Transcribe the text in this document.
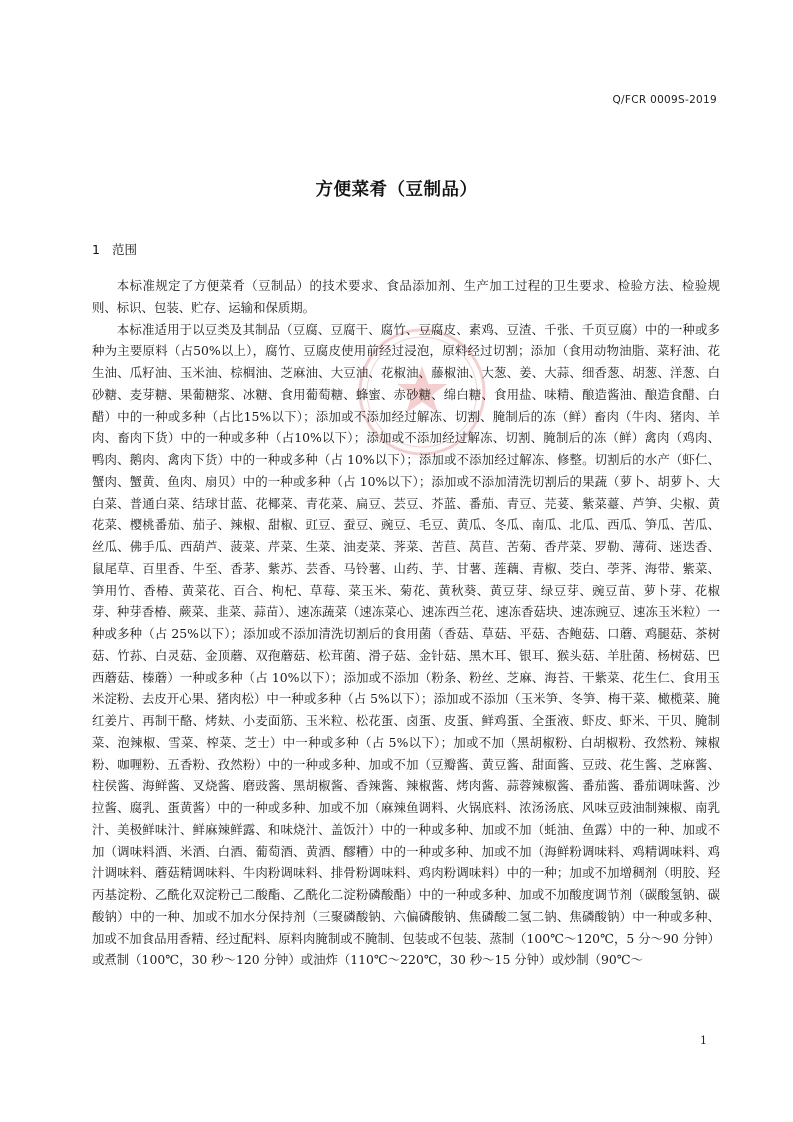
Q/FCR 0009S-2019
方便菜肴（豆制品）
1 范围

本标准规定了方便菜肴（豆制品）的技术要求、食品添加剂、生产加工过程的卫生要求、检验方法、检验规则、标识、包装、贮存、运输和保质期。

本标准适用于以豆类及其制品（豆腐、豆腐干、腐竹、豆腐皮、素鸡、豆渣、千张、千页豆腐）中的一种或多种为主要原料（占50%以上），腐竹、豆腐皮使用前经过浸泡，原料经过切割；添加（食用动物油脂、菜籽油、花生油、瓜籽油、玉米油、棕榈油、芝麻油、大豆油、花椒油、藤椒油、大葱、姜、大蒜、细香葱、胡葱、洋葱、白砂糖、麦芽糖、果葡糖浆、冰糖、食用葡萄糖、蜂蜜、赤砂糖、绵白糖、食用盐、味精、酿造酱油、酿造食醋、白醋）中的一种或多种（占比15%以下）；添加或不添加经过解冻、切割、腌制后的冻（鲜）畜肉（牛肉、猪肉、羊肉、畜肉下货）中的一种或多种（占10%以下）；添加或不添加经过解冻、切割、腌制后的冻（鲜）禽肉（鸡肉、鸭肉、鹅肉、禽肉下货）中的一种或多种（占 10%以下）；添加或不添加经过解冻、修整。切割后的水产（虾仁、蟹肉、蟹黄、鱼肉、扇贝）中的一种或多种（占 10%以下）；添加或不添加清洗切割后的果蔬（萝卜、胡萝卜、大白菜、普通白菜、结球甘蓝、花椰菜、青花菜、扁豆、芸豆、芥蓝、番茄、青豆、芫荽、紫菜薹、芦笋、尖椒、黄花菜、樱桃番茄、茄子、辣椒、甜椒、豇豆、蚕豆、豌豆、毛豆、黄瓜、冬瓜、南瓜、北瓜、西瓜、笋瓜、苦瓜、丝瓜、佛手瓜、西葫芦、菠菜、芹菜、生菜、油麦菜、荠菜、苦苣、莴苣、苦菊、香芹菜、罗勒、薄荷、迷迭香、鼠尾草、百里香、牛至、香茅、紫苏、芸香、马铃薯、山药、芋、甘薯、莲藕、青椒、茭白、荸荠、海带、紫菜、笋用竹、香椿、黄菜花、百合、枸杞、草莓、菜玉米、菊花、黄秋葵、黄豆芽、绿豆芽、豌豆苗、萝卜芽、花椒芽、种芽香椿、蕨菜、韭菜、蒜苗）、速冻蔬菜（速冻菜心、速冻西兰花、速冻香菇块、速冻豌豆、速冻玉米粒）一种或多种（占 25%以下）；添加或不添加清洗切割后的食用菌（香菇、草菇、平菇、杏鲍菇、口蘑、鸡腿菇、茶树菇、竹荪、白灵菇、金顶蘑、双孢蘑菇、松茸菌、滑子菇、金针菇、黑木耳、银耳、猴头菇、羊肚菌、杨树菇、巴西蘑菇、榛蘑）一种或多种（占 10%以下）；添加或不添加（粉条、粉丝、芝麻、海苔、干紫菜、花生仁、食用玉米淀粉、去皮开心果、猪肉松）中一种或多种（占 5%以下）；添加或不添加（玉米笋、冬笋、梅干菜、橄榄菜、腌红姜片、再制干酪、烤麸、小麦面筋、玉米粒、松花蛋、卤蛋、皮蛋、鲜鸡蛋、全蛋液、虾皮、虾米、干贝、腌制菜、泡辣椒、雪菜、榨菜、芝士）中一种或多种（占 5%以下）；加或不加（黑胡椒粉、白胡椒粉、孜然粉、辣椒粉、咖喱粉、五香粉、孜然粉）中的一种或多种、加或不加（豆瓣酱、黄豆酱、甜面酱、豆豉、花生酱、芝麻酱、柱侯酱、海鲜酱、叉烧酱、磨豉酱、黑胡椒酱、香辣酱、辣椒酱、烤肉酱、蒜蓉辣椒酱、番茄酱、番茄调味酱、沙拉酱、腐乳、蛋黄酱）中的一种或多种、加或不加（麻辣鱼调料、火锅底料、浓汤汤底、风味豆豉油制辣椒、南乳汁、美极鲜味汁、鲜麻辣鲜露、和味烧汁、盖饭汁）中的一种或多种、加或不加（蚝油、鱼露）中的一种、加或不加（调味料酒、米酒、白酒、葡萄酒、黄酒、醪糟）中的一种或多种、加或不加（海鲜粉调味料、鸡精调味料、鸡汁调味料、蘑菇精调味料、牛肉粉调味料、排骨粉调味料、鸡肉粉调味料）中的一种；加或不加增稠剂（明胶、羟丙基淀粉、乙酰化双淀粉己二酸酯、乙酰化二淀粉磷酸酯）中的一种或多种、加或不加酸度调节剂（碳酸氢钠、碳酸钠）中的一种、加或不加水分保持剂（三聚磷酸钠、六偏磷酸钠、焦磷酸二氢二钠、焦磷酸钠）中一种或多种、加或不加食品用香精、经过配料、原料肉腌制或不腌制、包装或不包装、蒸制（100℃～120℃，5 分～90 分钟）或煮制（100℃，30 秒～120 分钟）或油炸（110℃～220℃，30 秒～15 分钟）或炒制（90℃～

1
